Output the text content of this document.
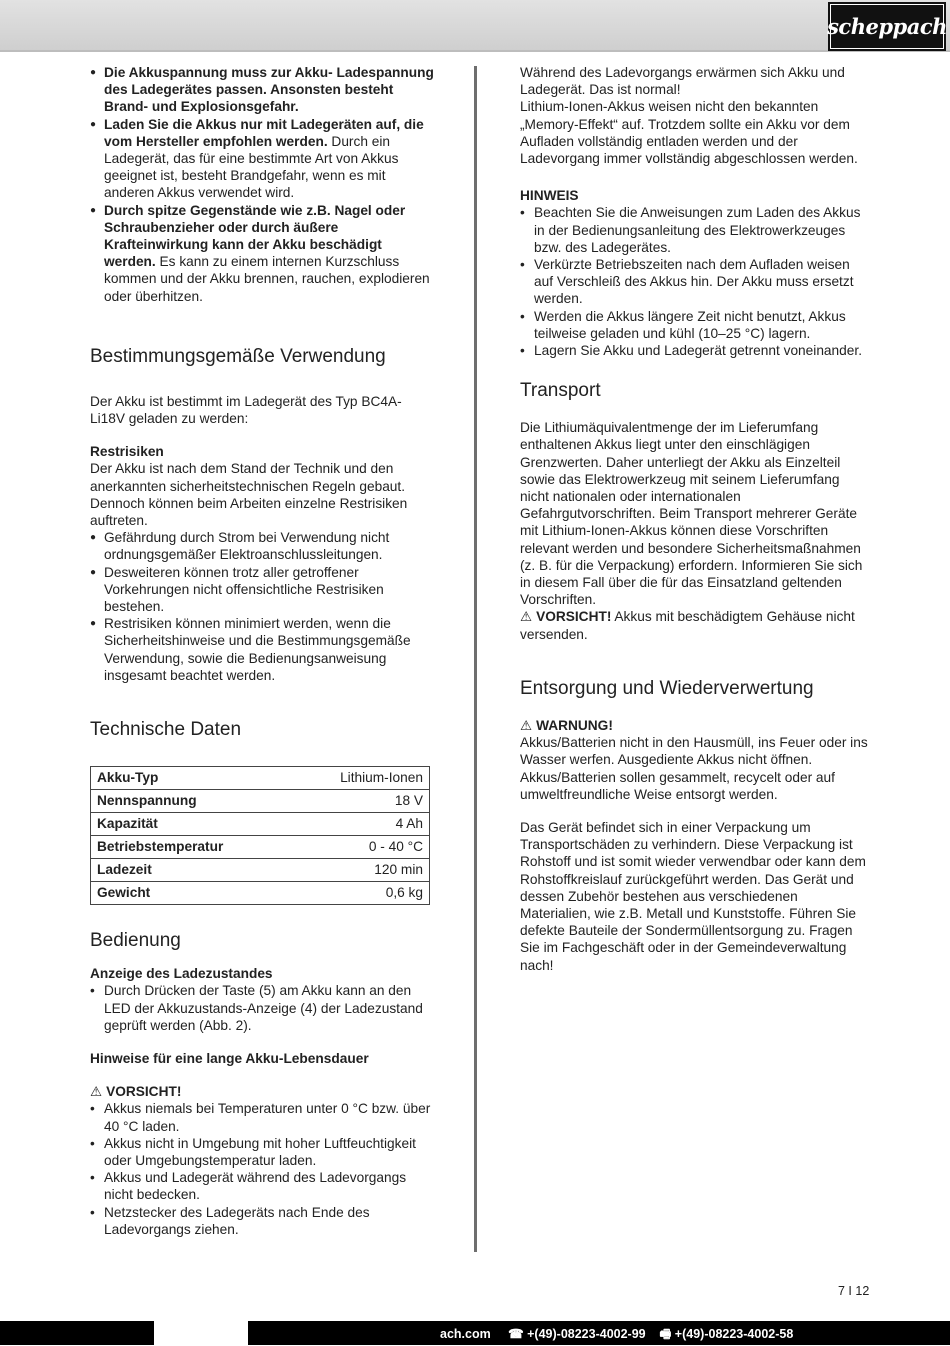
scheppach
● Die Akkuspannung muss zur Akku- Ladespannung des Ladegerätes passen. Ansonsten besteht Brand- und Explosionsgefahr.
● Laden Sie die Akkus nur mit Ladegeräten auf, die vom Hersteller empfohlen werden. Durch ein Ladegerät, das für eine bestimmte Art von Akkus geeignet ist, besteht Brandgefahr, wenn es mit anderen Akkus verwendet wird.
● Durch spitze Gegenstände wie z.B. Nagel oder Schraubenzieher oder durch äußere Krafteinwirkung kann der Akku beschädigt werden. Es kann zu einem internen Kurzschluss kommen und der Akku brennen, rauchen, explodieren oder überhitzen.
Bestimmungsgemäße Verwendung

Der Akku ist bestimmt im Ladegerät des Typ BC4A-Li18V geladen zu werden:

Restrisiken

Der Akku ist nach dem Stand der Technik und den anerkannten sicherheitstechnischen Regeln gebaut. Dennoch können beim Arbeiten einzelne Restrisiken auftreten.

● Gefährdung durch Strom bei Verwendung nicht ordnungsgemäßer Elektroanschlussleitungen.
● Desweiteren können trotz aller getroffener Vorkehrungen nicht offensichtliche Restrisiken bestehen.
● Restrisiken können minimiert werden, wenn die Sicherheitshinweise und die Bestimmungsgemäße Verwendung, sowie die Bedienungsanweisung insgesamt beachtet werden.
Technische Daten
Akku-Typ	Lithium-Ionen
Nennspannung	18 V
Kapazität	4 Ah
Betriebstemperatur	0 - 40 °C
Ladezeit	120 min
Gewicht	0,6 kg
Bedienung

Anzeige des Ladezustandes

• Durch Drücken der Taste (5) am Akku kann an den LED der Akkuzustands-Anzeige (4) der Ladezustand geprüft werden (Abb. 2).

Hinweise für eine lange Akku-Lebensdauer

⚠ VORSICHT!

• Akkus niemals bei Temperaturen unter 0 °C bzw. über 40 °C laden.
• Akkus nicht in Umgebung mit hoher Luftfeuchtigkeit oder Umgebungstemperatur laden.
• Akkus und Ladegerät während des Ladevorgangs nicht bedecken.
• Netzstecker des Ladegeräts nach Ende des Ladevorgangs ziehen.

Während des Ladevorgangs erwärmen sich Akku und Ladegerät. Das ist normal!

Lithium-Ionen-Akkus weisen nicht den bekannten „Memory-Effekt“ auf. Trotzdem sollte ein Akku vor dem Aufladen vollständig entladen werden und der Ladevorgang immer vollständig abgeschlossen werden.

HINWEIS

• Beachten Sie die Anweisungen zum Laden des Akkus in der Bedienungsanleitung des Elektrowerkzeuges bzw. des Ladegerätes.
• Verkürzte Betriebszeiten nach dem Aufladen weisen auf Verschleiß des Akkus hin. Der Akku muss ersetzt werden.
• Werden die Akkus längere Zeit nicht benutzt, Akkus teilweise geladen und kühl (10–25 °C) lagern.
• Lagern Sie Akku und Ladegerät getrennt voneinander.
Transport

Die Lithiumäquivalentmenge der im Lieferumfang enthaltenen Akkus liegt unter den einschlägigen Grenzwerten. Daher unterliegt der Akku als Einzelteil sowie das Elektrowerkzeug mit seinem Lieferumfang nicht nationalen oder internationalen Gefahrgutvorschriften. Beim Transport mehrerer Geräte mit Lithium-Ionen-Akkus können diese Vorschriften relevant werden und besondere Sicherheitsmaßnahmen (z. B. für die Verpackung) erfordern. Informieren Sie sich in diesem Fall über die für das Einsatzland geltenden Vorschriften.

⚠ VORSICHT! Akkus mit beschädigtem Gehäuse nicht versenden.

Entsorgung und Wiederverwertung

⚠ WARNUNG!

Akkus/Batterien nicht in den Hausmüll, ins Feuer oder ins Wasser werfen. Ausgediente Akkus nicht öffnen.

Akkus/Batterien sollen gesammelt, recycelt oder auf umweltfreundliche Weise entsorgt werden.

Das Gerät befindet sich in einer Verpackung um Transportschäden zu verhindern. Diese Verpackung ist Rohstoff und ist somit wieder verwendbar oder kann dem Rohstoffkreislauf zurückgeführt werden. Das Gerät und dessen Zubehör bestehen aus verschiedenen Materialien, wie z.B. Metall und Kunststoffe. Führen Sie defekte Bauteile der Sondermüllentsorgung zu. Fragen Sie im Fachgeschäft oder in der Gemeindeverwaltung nach!

7 I 12
ach.com ☎ +(49)-08223-4002-99 🖷 +(49)-08223-4002-58
